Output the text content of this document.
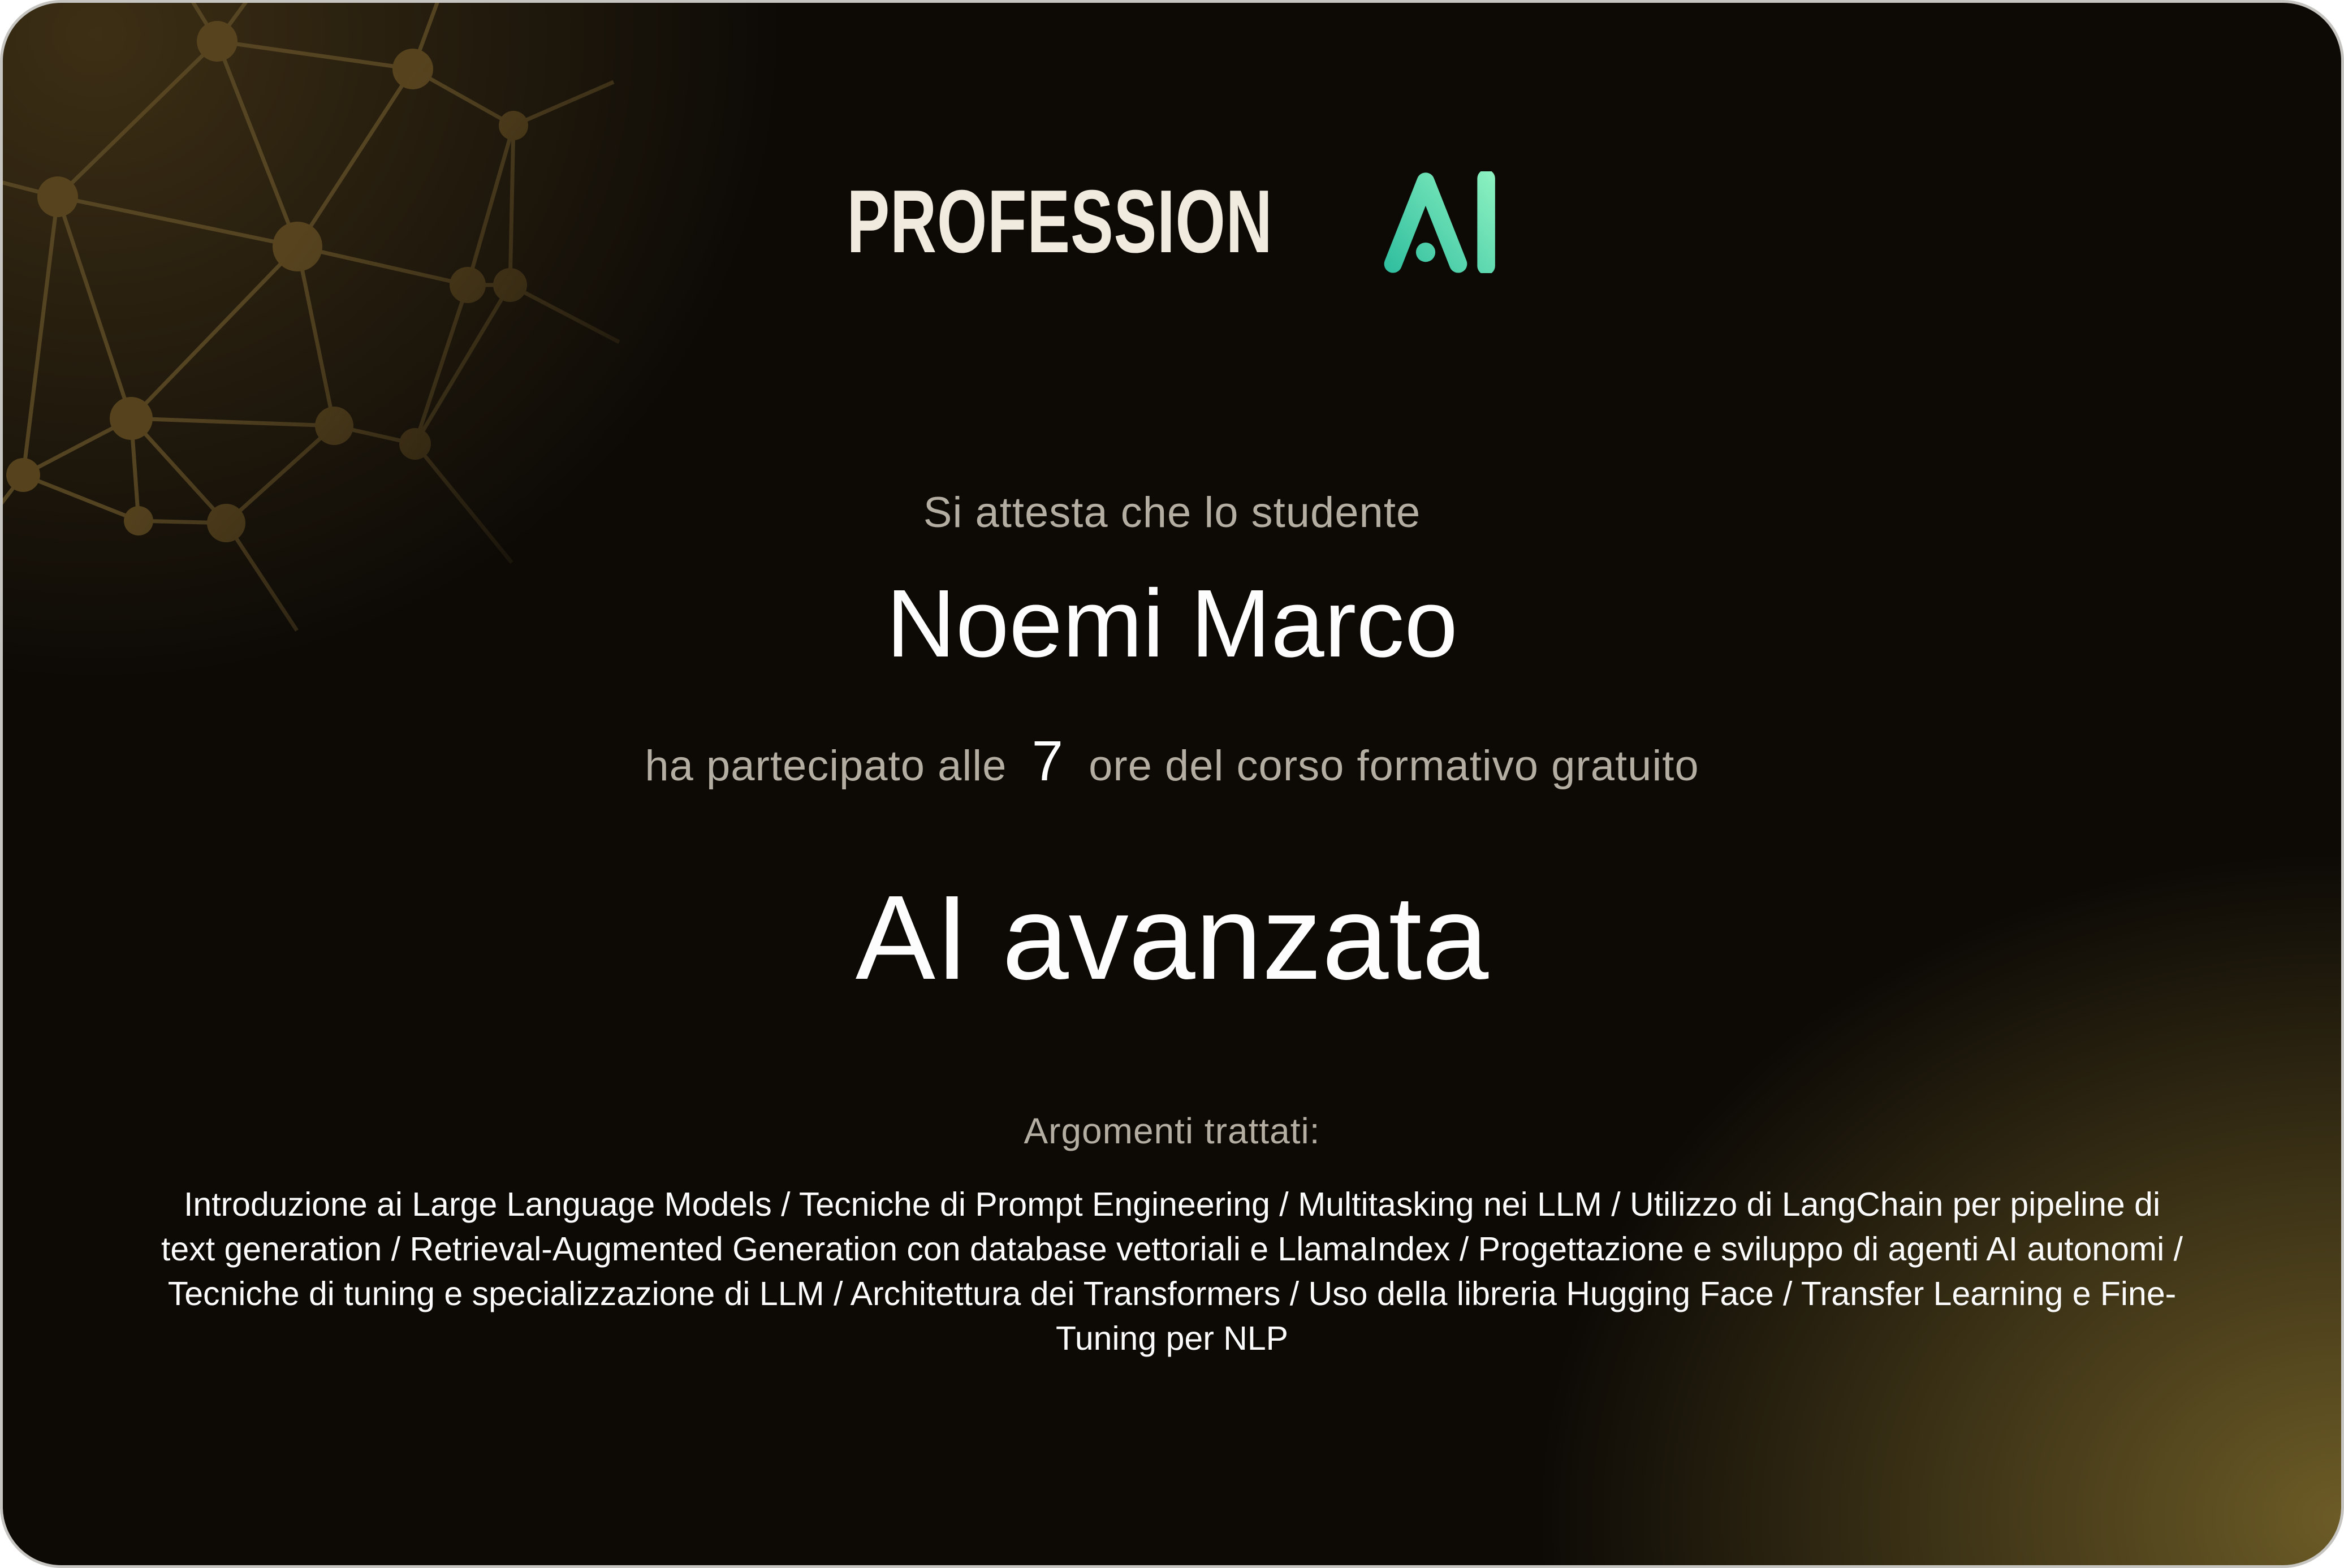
PROFESSION
Si attesta che lo studente
Noemi Marco
ha partecipato alle 7 ore del corso formativo gratuito
AI avanzata
Argomenti trattati:
Introduzione ai Large Language Models / Tecniche di Prompt Engineering / Multitasking nei LLM / Utilizzo di LangChain per pipeline di text generation / Retrieval-Augmented Generation con database vettoriali e LlamaIndex / Progettazione e sviluppo di agenti AI autonomi / Tecniche di tuning e specializzazione di LLM / Architettura dei Transformers / Uso della libreria Hugging Face / Transfer Learning e Fine-Tuning per NLP
